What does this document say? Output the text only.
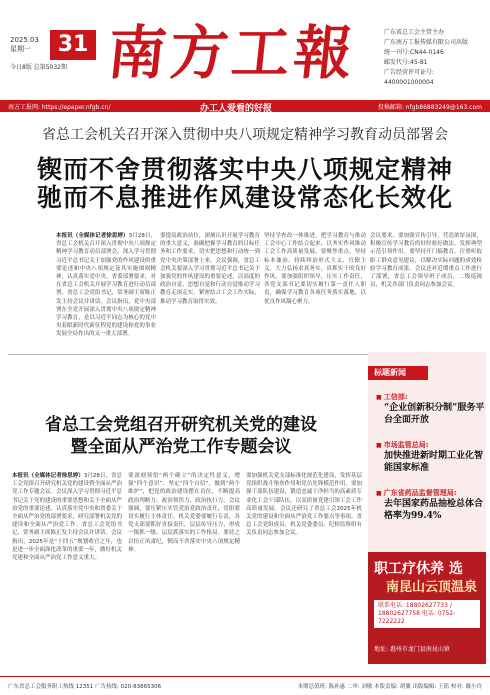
2025.03
星期一	31
今日8版 总第5032期 南方工報	广东省总工会主管主办
广东南方工报传媒有限公司出版
统一刊号:CN44-0146
邮发代号:45-81
广告经营许可证号:
4400001000004
南方工报网: https://epaper.nfgb.cn/	办工人爱看的好报	投稿邮箱: nfgb86883249@163.com
省总工会机关召开深入贯彻中央八项规定精神学习教育动员部署会
锲而不舍贯彻落实中央八项规定精神
驰而不息推进作风建设常态化长效化
本报讯（全媒体记者徐思婷）3月28日，省总工会机关召开深入贯彻中央八项规定精神学习教育动员部署会。深入学习贯彻习近平总书记关于加强党的作风建设的重要论述和中央八项规定及其实施细则精神，认真落实党中央、省委部署要求，对在省总工会机关开展学习教育进行动员部署。省总工会党组书记、常务副主席陈正发主持会议并讲话。会议指出，党中央部署在全党开展深入贯彻中央八项规定精神学习教育，是以习近平同志为核心的党中央着眼新时代新征程党的建设和党的事业发展全局作出的又一重大部署。
要提高政治站位，深刻认识开展学习教育的重大意义，准确把握学习教育的目标任务和工作要求，切实把思想和行动统一到党中央决策部署上来。会议强调，省总工会机关要深入学习贯彻习近平总书记关于加强党的作风建设的重要论述，以高度的政治自觉、思想自觉和行动自觉推动学习教育走深走实，紧密结合工会工作实际，推动学习教育取得实效。
坚持学查改一体推进，把学习教育与推动工会中心工作结合起来，以务实作风推动工会工作高质量发展。要聚焦重点，坚持标本兼治，持续纠治形式主义、官僚主义，大力弘扬求真务实、真抓实干的良好作风。要加强组织领导，压实工作责任，各党支部书记要切实履行第一责任人职责，确保学习教育各项任务落实落地，以优良作风凝心聚力。
会议要求，要加强宣传引导，营造浓厚氛围，积极宣传学习教育的好经验好做法，发挥典型示范引领作用。要坚持开门搞教育，注重听取职工群众意见建议，以解决实际问题的成效检验学习教育成果。会议还对近期重点工作进行了部署，省总工会领导班子成员，二级巡视员，机关各部门负责同志参加会议。
省总工会党组召开研究机关党的建设
暨全面从严治党工作专题会议
本报讯（全媒体记者徐思婷）3月28日，省总工会党组召开研究机关党的建设暨全面从严治党工作专题会议。会议深入学习贯彻习近平总书记关于党的建设的重要思想和关于全面从严治党的重要论述，认真落实党中央和省委关于全面从严治党的部署要求，研究部署机关党的建设和全面从严治党工作。省总工会党组书记、常务副主席陈正发主持会议并讲话。会议指出，2025年是“十四五”规划收官之年，也是进一步全面深化改革的重要一年，做好机关党建和全面从严治党工作意义重大。
要深刻领悟“两个确立”的决定性意义，增强“四个意识”、坚定“四个自信”、做到“两个维护”，把党的政治建设摆在首位，不断提高政治判断力、政治领悟力、政治执行力。会议强调，要压紧压实管党治党政治责任，党组要切实履行主体责任，机关党委要履行专责，各党支部要抓好直接责任，层层传导压力，形成一级抓一级、层层抓落实的工作格局。要持之以恒正风肃纪，锲而不舍落实中央八项规定精神。
要加强机关党支部标准化规范化建设，发挥基层党组织战斗堡垒作用和党员先锋模范作用。要加强干部队伍建设，锻造忠诚干净担当的高素质专业化工会干部队伍，以高质量党建引领工会工作高质量发展。会议还研究了省总工会2025年机关党的建设和全面从严治党工作要点等事项。省总工会党组成员、机关党委委员、纪检监察组有关负责同志参加会议。
标题新闻
■ 工信部:
“企业创新积分制”服务平台全面开放
■ 市场监管总局:
加快推进新时期工业化智能国家标准
■ 广东省药品监督管理局:
去年国家药品抽检总体合格率为99.4%
职工疗休养 选
南昆山云顶温泉
联系电话: 18802627733 / 18802627758 电话: 0752-7222222
地址: 惠州市龙门县南昆山镇
广东省总工会服务职工热线 12351 广告热线: 020-83865306	本期总值班: 陈孙惠 二审: 刘敏 本版责编: 胡翼 出版编辑: 王铭 校对: 戴小玲
